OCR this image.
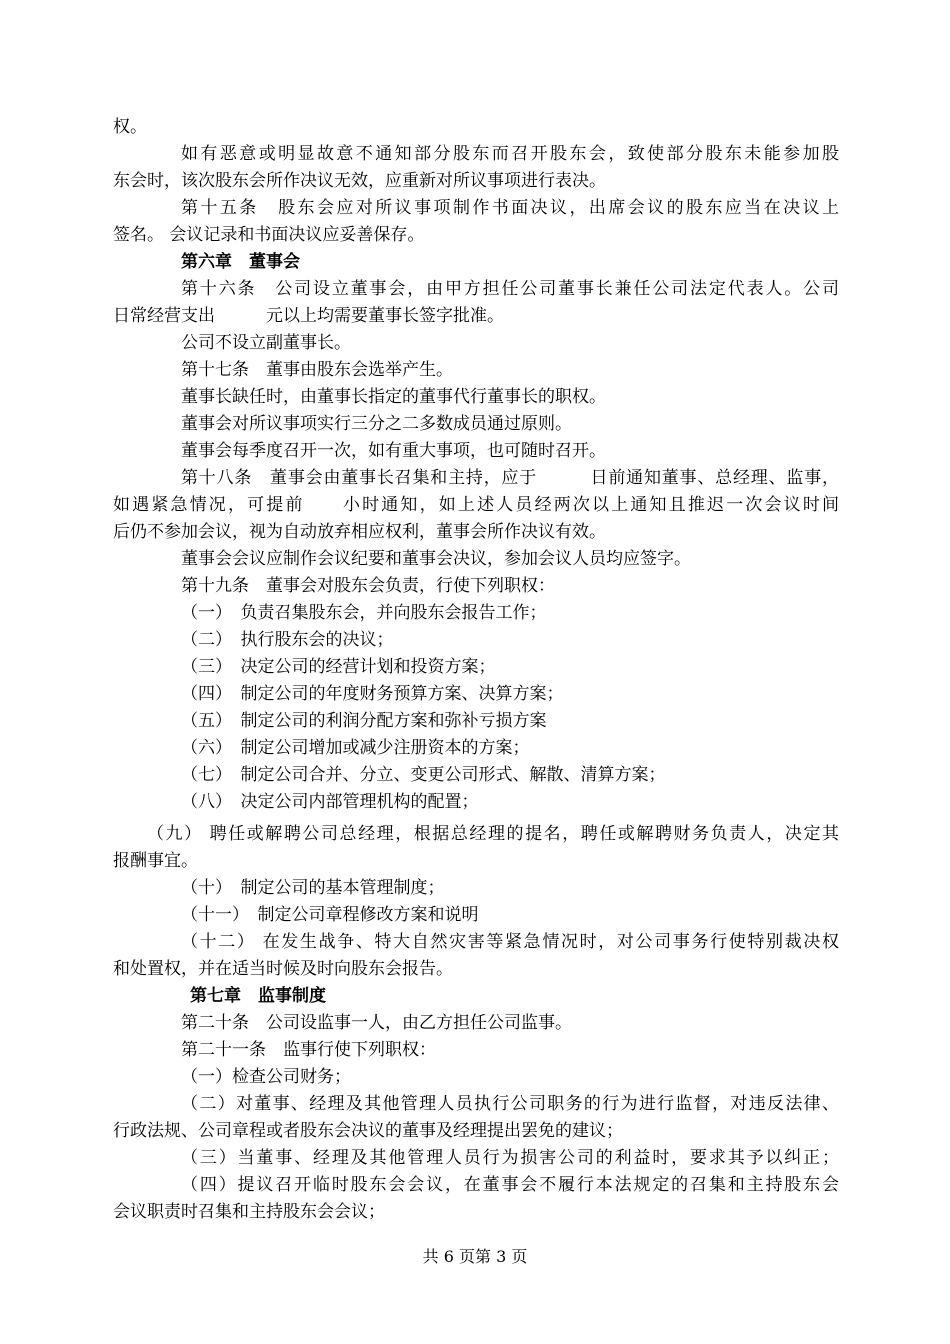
权。
如有恶意或明显故意不通知部分股东而召开股东会，致使部分股东未能参加股
东会时，该次股东会所作决议无效，应重新对所议事项进行表决。
第十五条　股东会应对所议事项制作书面决议，出席会议的股东应当在决议上
签名。 会议记录和书面决议应妥善保存。
第六章　董事会
第十六条　公司设立董事会，由甲方担任公司董事长兼任公司法定代表人。公司
日常经营支出　　　元以上均需要董事长签字批准。
公司不设立副董事长。
第十七条　董事由股东会选举产生。
董事长缺任时，由董事长指定的董事代行董事长的职权。
董事会对所议事项实行三分之二多数成员通过原则。
董事会每季度召开一次，如有重大事项，也可随时召开。
第十八条　董事会由董事长召集和主持，应于　　　日前通知董事、总经理、监事，
如遇紧急情况，可提前　　小时通知，如上述人员经两次以上通知且推迟一次会议时间
后仍不参加会议，视为自动放弃相应权利，董事会所作决议有效。
董事会会议应制作会议纪要和董事会决议，参加会议人员均应签字。
第十九条　董事会对股东会负责，行使下列职权：
（一）　负责召集股东会，并向股东会报告工作；
（二）　执行股东会的决议；
（三）　决定公司的经营计划和投资方案；
（四）　制定公司的年度财务预算方案、决算方案；
（五）　制定公司的利润分配方案和弥补亏损方案
（六）　制定公司增加或减少注册资本的方案；
（七）　制定公司合并、分立、变更公司形式、解散、清算方案；
（八）　决定公司内部管理机构的配置；
（九） 聘任或解聘公司总经理，根据总经理的提名，聘任或解聘财务负责人，决定其
报酬事宜。
（十）　制定公司的基本管理制度；
（十一）　制定公司章程修改方案和说明
（十二） 在发生战争、特大自然灾害等紧急情况时，对公司事务行使特别裁决权
和处置权，并在适当时候及时向股东会报告。
第七章　监事制度
第二十条　公司设监事一人，由乙方担任公司监事。
第二十一条　监事行使下列职权：
（一）检查公司财务；
（二）对董事、经理及其他管理人员执行公司职务的行为进行监督，对违反法律、
行政法规、公司章程或者股东会决议的董事及经理提出罢免的建议；
（三）当董事、经理及其他管理人员行为损害公司的利益时，要求其予以纠正；
（四）提议召开临时股东会会议，在董事会不履行本法规定的召集和主持股东会
会议职责时召集和主持股东会会议；
共 6 页第 3 页
